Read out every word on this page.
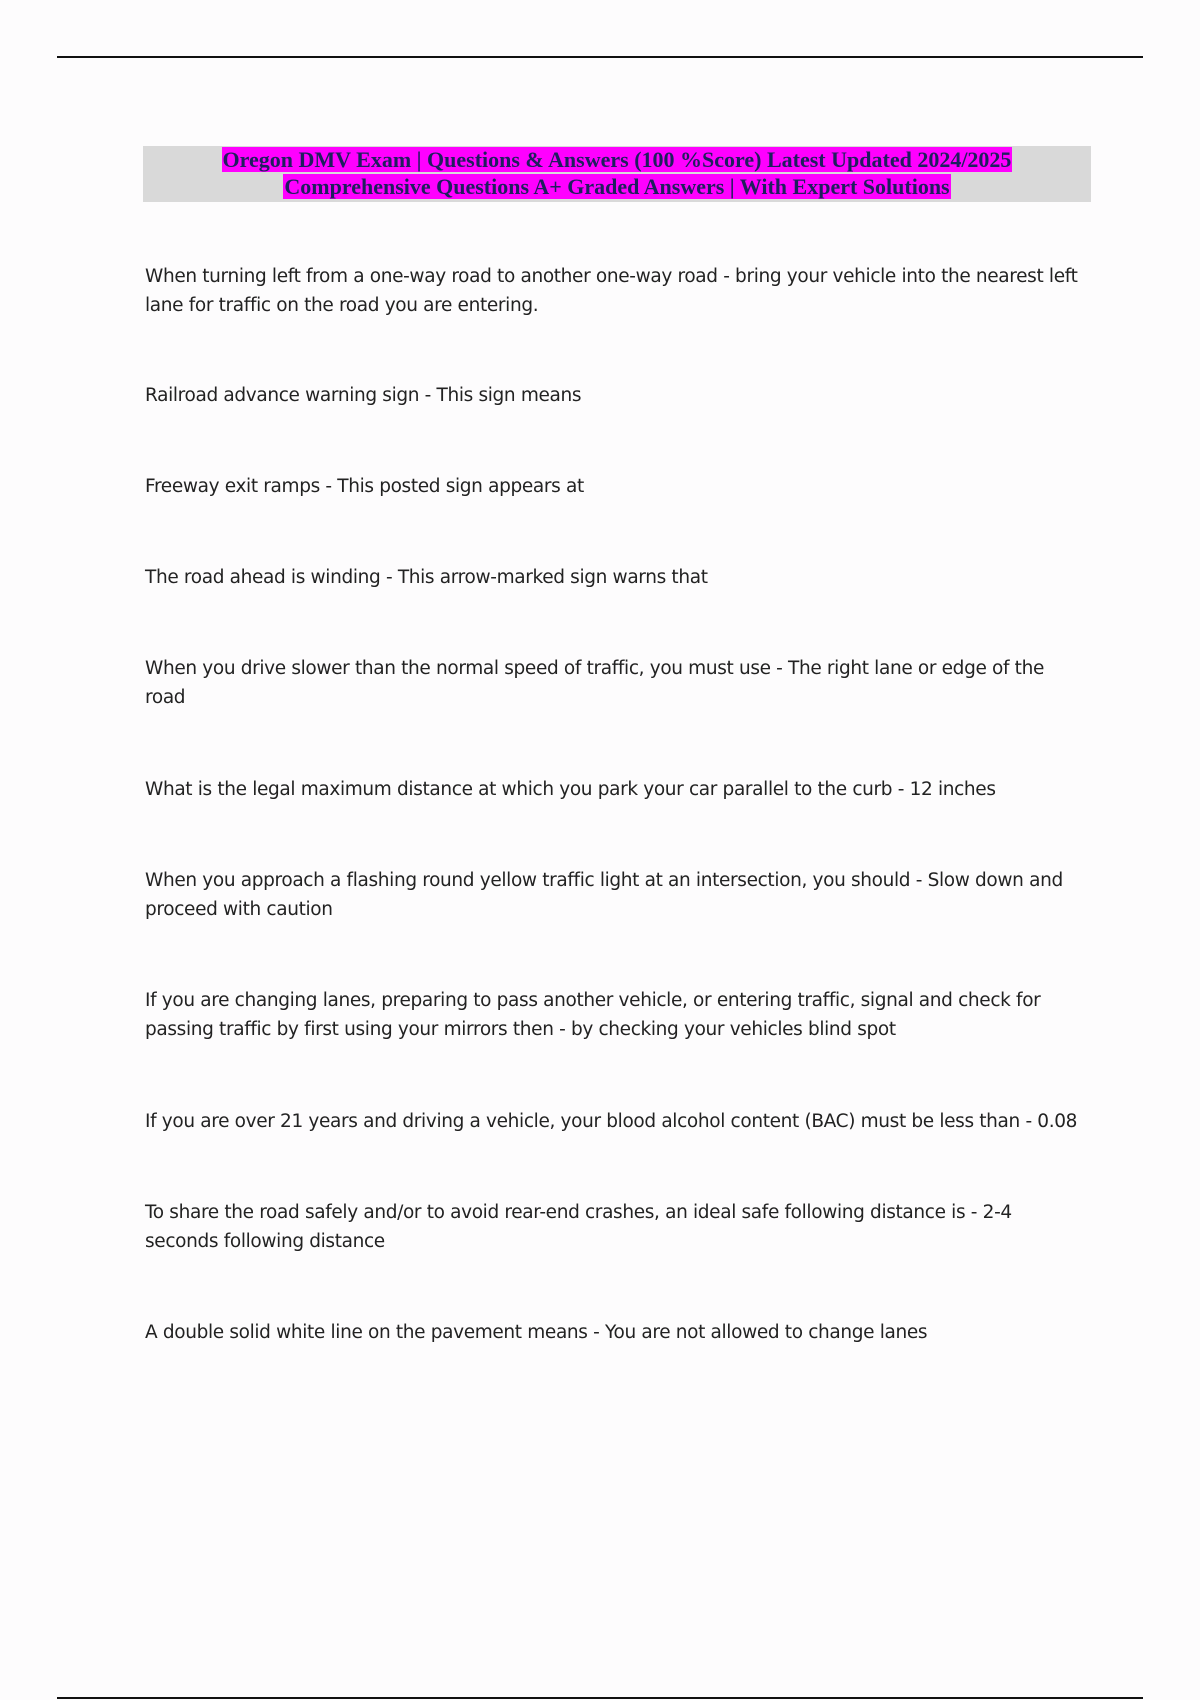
Oregon DMV Exam | Questions & Answers (100 %Score) Latest Updated 2024/2025
Comprehensive Questions A+ Graded Answers | With Expert Solutions

When turning left from a one-way road to another one-way road - bring your vehicle into the nearest left lane for traffic on the road you are entering.

Railroad advance warning sign - This sign means

Freeway exit ramps - This posted sign appears at

The road ahead is winding - This arrow-marked sign warns that

When you drive slower than the normal speed of traffic, you must use - The right lane or edge of the road

What is the legal maximum distance at which you park your car parallel to the curb - 12 inches

When you approach a flashing round yellow traffic light at an intersection, you should - Slow down and proceed with caution

If you are changing lanes, preparing to pass another vehicle, or entering traffic, signal and check for passing traffic by first using your mirrors then - by checking your vehicles blind spot

If you are over 21 years and driving a vehicle, your blood alcohol content (BAC) must be less than - 0.08

To share the road safely and/or to avoid rear-end crashes, an ideal safe following distance is - 2-4 seconds following distance

A double solid white line on the pavement means - You are not allowed to change lanes
